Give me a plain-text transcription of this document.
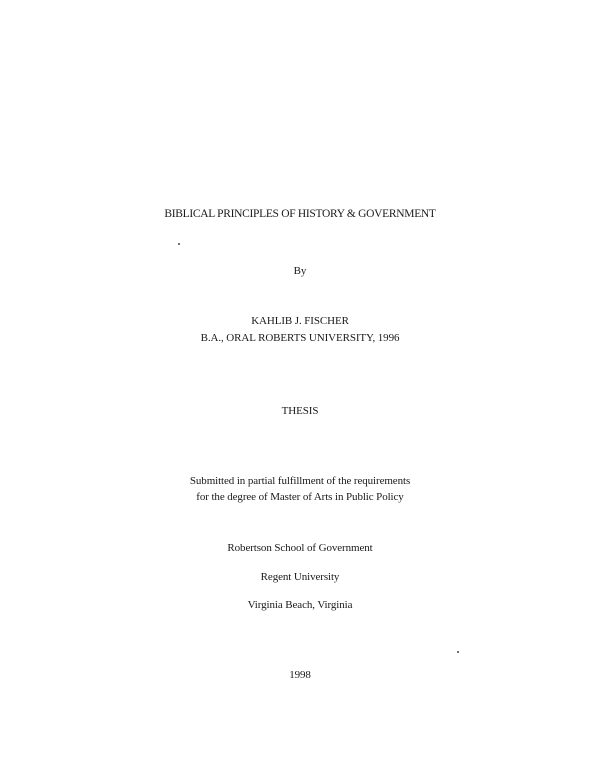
BIBLICAL PRINCIPLES OF HISTORY & GOVERNMENT
By
KAHLIB J. FISCHER
B.A., ORAL ROBERTS UNIVERSITY, 1996
THESIS
Submitted in partial fulfillment of the requirements
for the degree of Master of Arts in Public Policy
Robertson School of Government
Regent University
Virginia Beach, Virginia
1998
